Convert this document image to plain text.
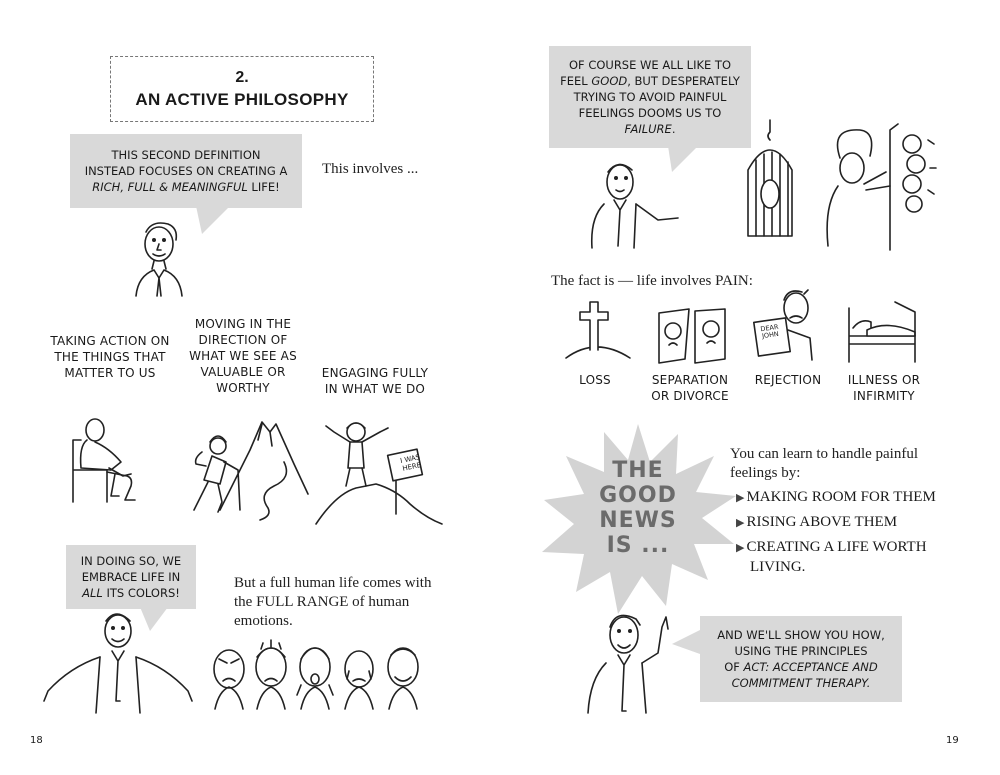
2.
AN ACTIVE PHILOSOPHY
THIS SECOND DEFINITION
INSTEAD FOCUSES ON CREATING A
RICH, FULL & MEANINGFUL LIFE!
This involves ...
TAKING ACTION ON THE THINGS THAT MATTER TO US
MOVING IN THE DIRECTION OF WHAT WE SEE AS VALUABLE OR WORTHY
ENGAGING FULLY IN WHAT WE DO
I WAS HERE
IN DOING SO, WE
EMBRACE LIFE IN
ALL ITS COLORS!
But a full human life comes with the FULL RANGE of human emotions.
18
OF COURSE WE ALL LIKE TO
FEEL GOOD, BUT DESPERATELY
TRYING TO AVOID PAINFUL
FEELINGS DOOMS US TO
FAILURE.
The fact is — life involves PAIN:
DEAR JOHN
LOSS	SEPARATION OR DIVORCE
REJECTION	ILLNESS OR INFIRMITY
THE
GOOD
NEWS
IS ...
You can learn to handle painful feelings by:
▶ MAKING ROOM FOR THEM
▶ RISING ABOVE THEM
▶ CREATING A LIFE WORTH LIVING.
AND WE'LL SHOW YOU HOW,
USING THE PRINCIPLES
OF ACT: ACCEPTANCE AND
COMMITMENT THERAPY.
19
